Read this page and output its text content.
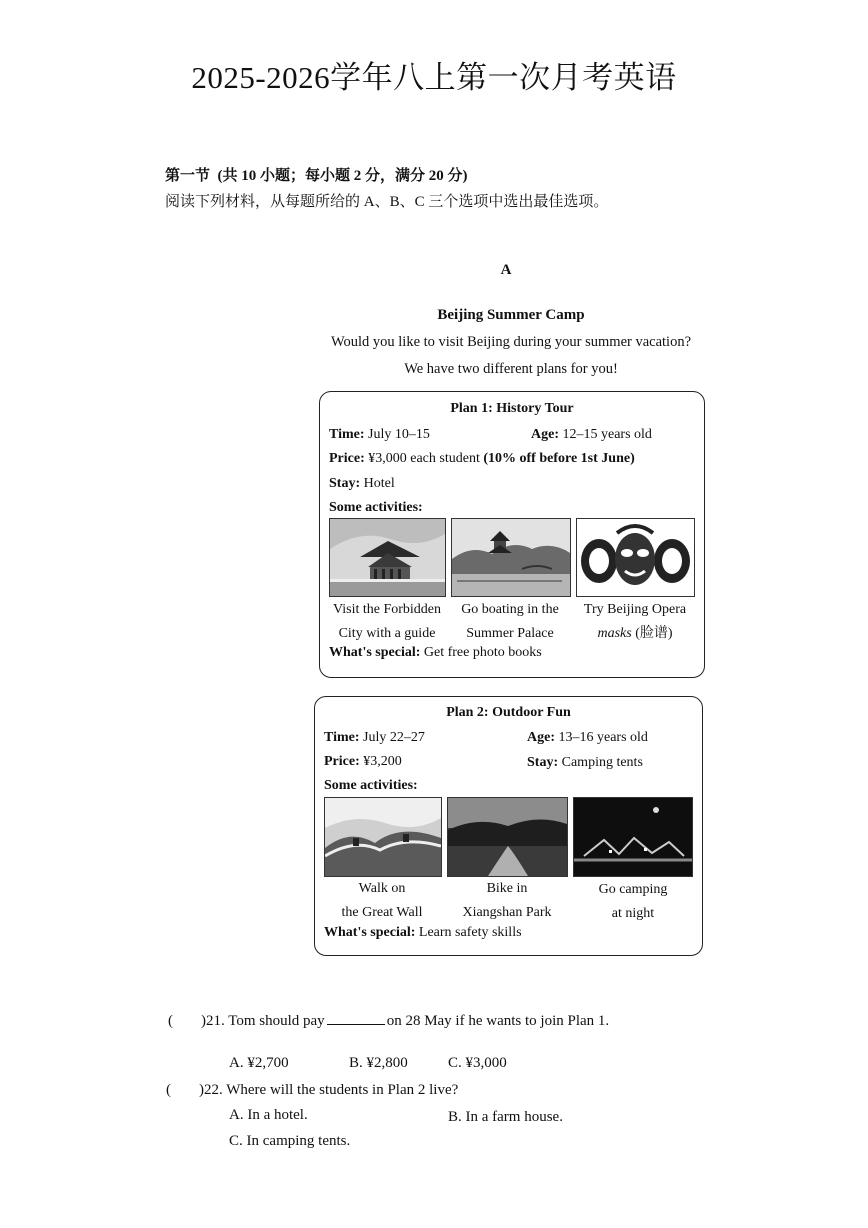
2025-2026学年八上第一次月考英语
第一节 (共 10 小题；每小题 2 分，满分 20 分)
阅读下列材料，从每题所给的 A、B、C 三个选项中选出最佳选项。
A
Beijing Summer Camp
Would you like to visit Beijing during your summer vacation?
We have two different plans for you!
Plan 1: History Tour
Time: July 10–15	Age: 12–15 years old
Price: ¥3,000 each student (10% off before 1st June)
Stay: Hotel
Some activities:
Visit the Forbidden
City with a guide
Go boating in the
Summer Palace
Try Beijing Opera
masks (脸谱)
What's special: Get free photo books
Plan 2: Outdoor Fun
Time: July 22–27	Age: 13–16 years old
Price: ¥3,200	Stay: Camping tents
Some activities:
Walk on
the Great Wall
Bike in
Xiangshan Park
Go camping
at night
What's special: Learn safety skills
( )21. Tom should pay	on 28 May if he wants to join Plan 1.
A. ¥2,700	B. ¥2,800	C. ¥3,000
( )22. Where will the students in Plan 2 live?
A. In a hotel.	B. In a farm house.
C. In camping tents.
